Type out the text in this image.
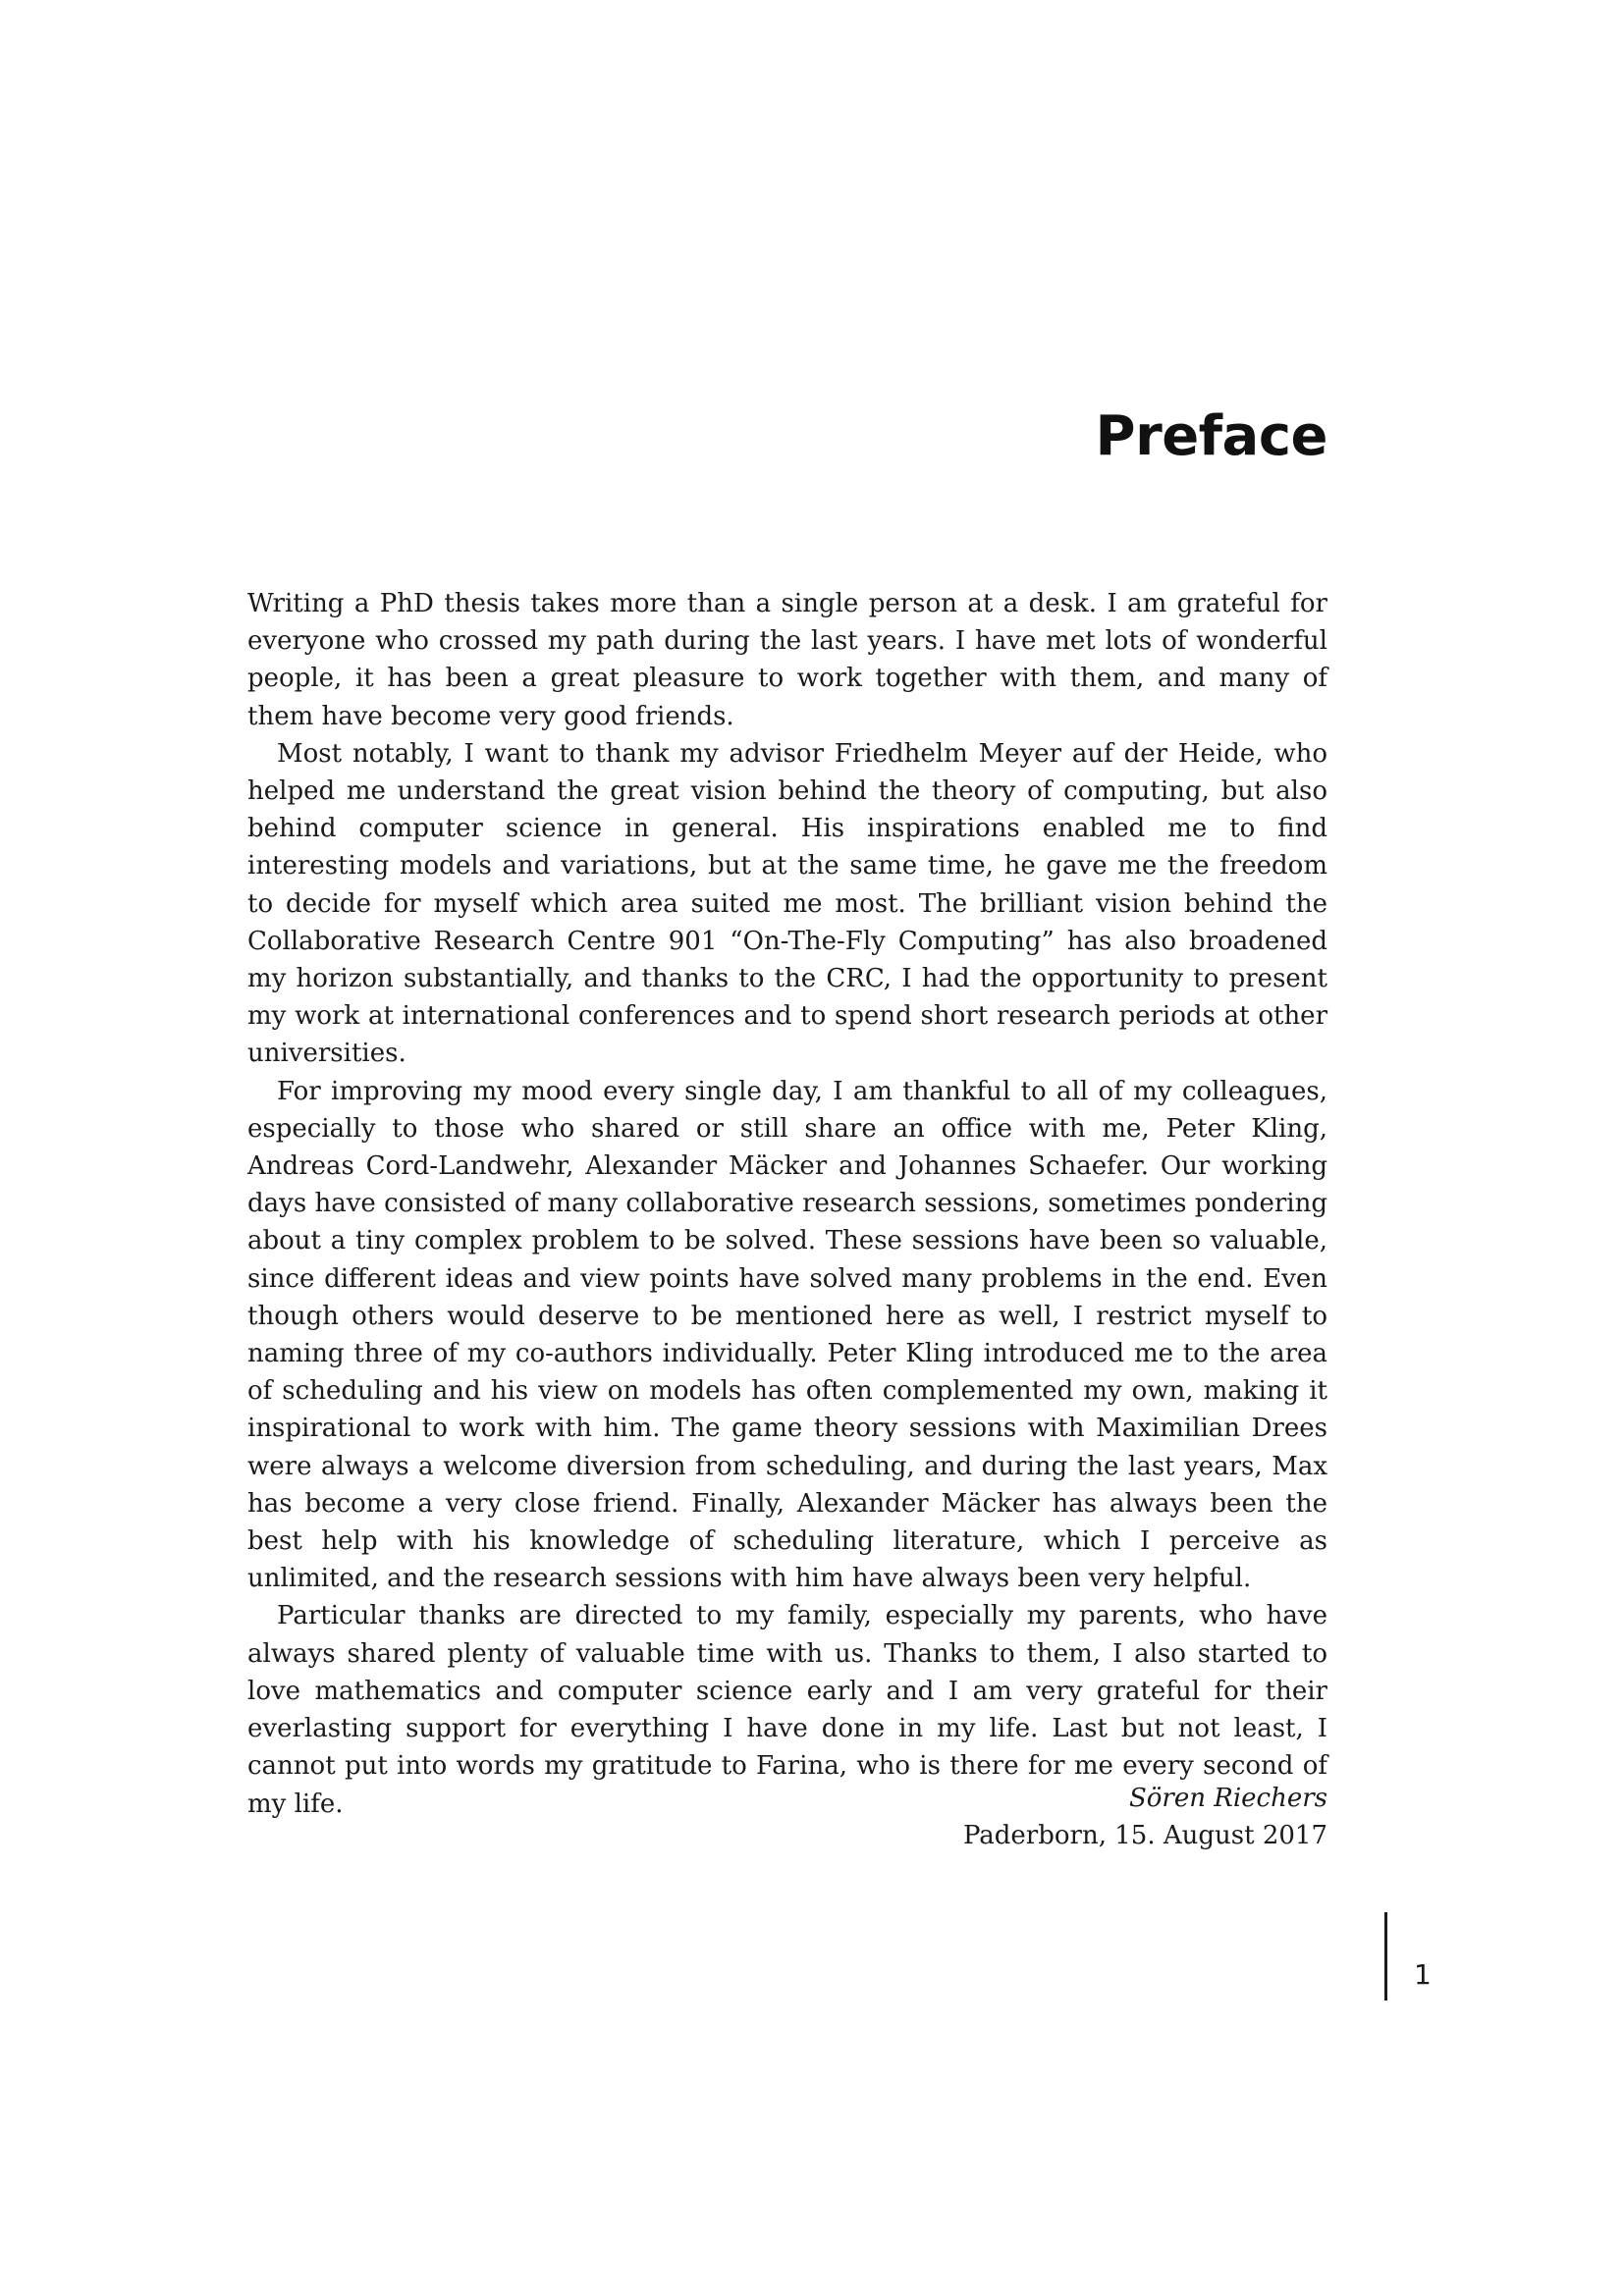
Preface

Writing a PhD thesis takes more than a single person at a desk. I am grateful for everyone who crossed my path during the last years. I have met lots of wonderful people, it has been a great pleasure to work together with them, and many of them have become very good friends.

Most notably, I want to thank my advisor Friedhelm Meyer auf der Heide, who helped me understand the great vision behind the theory of computing, but also behind computer science in general. His inspirations enabled me to find interesting models and variations, but at the same time, he gave me the freedom to decide for myself which area suited me most. The brilliant vision behind the Collaborative Research Centre 901 “On-The-Fly Computing” has also broadened my horizon substantially, and thanks to the CRC, I had the opportunity to present my work at international conferences and to spend short research periods at other universities.

For improving my mood every single day, I am thankful to all of my colleagues, especially to those who shared or still share an office with me, Peter Kling, Andreas Cord-Landwehr, Alexander Mäcker and Johannes Schaefer. Our working days have consisted of many collaborative research sessions, sometimes pondering about a tiny complex problem to be solved. These sessions have been so valuable, since different ideas and view points have solved many problems in the end. Even though others would deserve to be mentioned here as well, I restrict myself to naming three of my co-authors individually. Peter Kling introduced me to the area of scheduling and his view on models has often complemented my own, making it inspirational to work with him. The game theory sessions with Maximilian Drees were always a welcome diversion from scheduling, and during the last years, Max has become a very close friend. Finally, Alexander Mäcker has always been the best help with his knowledge of scheduling literature, which I perceive as unlimited, and the research sessions with him have always been very helpful.

Particular thanks are directed to my family, especially my parents, who have always shared plenty of valuable time with us. Thanks to them, I also started to love mathematics and computer science early and I am very grateful for their everlasting support for everything I have done in my life. Last but not least, I cannot put into words my gratitude to Farina, who is there for me every second of my life.	Sören Riechers
Paderborn, 15. August 2017
1
